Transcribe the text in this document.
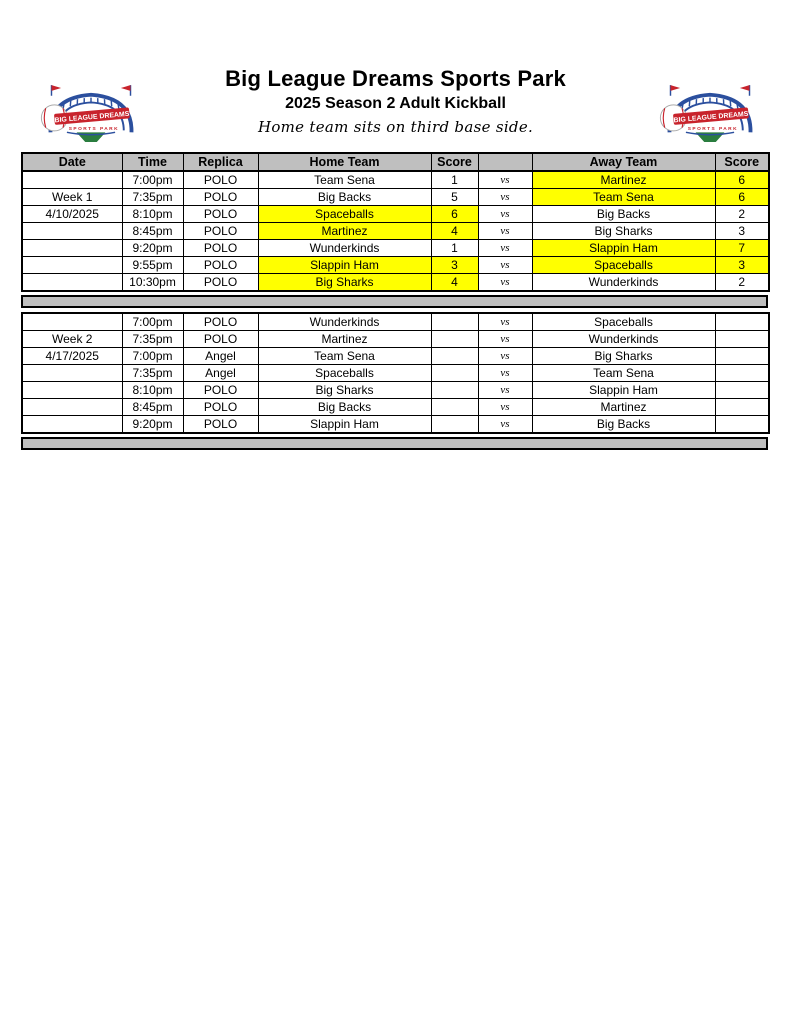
Big League Dreams Sports Park
2025 Season 2 Adult Kickball
Home team sits on third base side.
Date	Time	Replica	Home Team	Score		Away Team	Score
	7:00pm	POLO	Team Sena	1	vs	Martinez	6
Week 1	7:35pm	POLO	Big Backs	5	vs	Team Sena	6
4/10/2025	8:10pm	POLO	Spaceballs	6	vs	Big Backs	2
	8:45pm	POLO	Martinez	4	vs	Big Sharks	3
	9:20pm	POLO	Wunderkinds	1	vs	Slappin Ham	7
	9:55pm	POLO	Slappin Ham	3	vs	Spaceballs	3
	10:30pm	POLO	Big Sharks	4	vs	Wunderkinds	2
	7:00pm	POLO	Wunderkinds		vs	Spaceballs	
Week 2	7:35pm	POLO	Martinez		vs	Wunderkinds	
4/17/2025	7:00pm	Angel	Team Sena		vs	Big Sharks	
	7:35pm	Angel	Spaceballs		vs	Team Sena	
	8:10pm	POLO	Big Sharks		vs	Slappin Ham	
	8:45pm	POLO	Big Backs		vs	Martinez	
	9:20pm	POLO	Slappin Ham		vs	Big Backs	
